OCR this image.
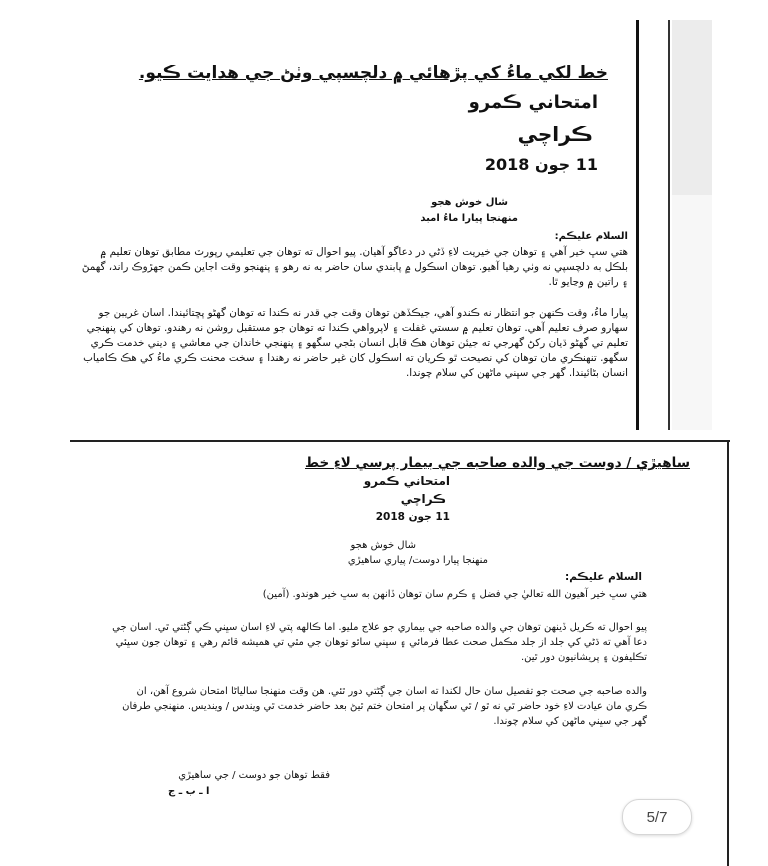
خط لکي ماءُ کي پڙهائي ۾ دلچسپي وٺڻ جي هدايت ڪيو.
امتحاني ڪمرو
ڪراچي
11 جون 2018
شال خوش هجو
منهنجا پيارا ماءُ امبد
السلام عليڪم:
هتي سڀ خير آهي ۽ توهان جي خيريت لاءِ ڏڻي در دعاگو آهيان. پيو احوال ته توهان جي تعليمي رپورٽ مطابق توهان تعليم ۾ بلڪل به دلچسپي نه وٺي رهيا آهيو. توهان اسڪول ۾ پابندي سان حاضر به نه رهو ۽ پنهنجو وقت اجاين ڪمن جهڙوڪ راند، گهمڻ ۽ راتين ۾ وڃايو ٿا.
پيارا ماءُ، وقت ڪنهن جو انتظار نه ڪندو آهي، جيڪڏهن توهان وقت جي قدر نه ڪندا ته توهان گهڻو پڇتائيندا. اسان غريبن جو سهارو صرف تعليم آهي. توهان تعليم ۾ سستي غفلت ۽ لاپرواهي ڪندا ته توهان جو مستقبل روشن نه رهندو. توهان کي پنهنجي تعليم تي گهڻو ڌيان رکڻ گهرجي ته جيئن توهان هڪ قابل انسان بڻجي سگهو ۽ پنهنجي خاندان جي معاشي ۽ ديني خدمت ڪري سگهو. تنهنڪري مان توهان کي نصيحت ٿو ڪريان ته اسڪول کان غير حاضر نه رهندا ۽ سخت محنت ڪري ماءُ کي هڪ ڪامياب انسان بڻائيندا. گهر جي سڀني ماڻهن کي سلام چوندا.
ساهيڙي / دوست جي والده صاحبه جي بيمار پرسي لاءِ خط
امتحاني ڪمرو
ڪراچي
11 جون 2018
شال خوش هجو
منهنجا پيارا دوست/ پياري ساهيڙي
السلام عليڪم:
هتي سڀ خير آهيون الله تعاليٰ جي فضل ۽ ڪرم سان توهان ڏانهن به سڀ خير هوندو. (آمين)
پيو احوال ته ڪريل ڏينهن توهان جي والده صاحبه جي بيماري جو علاج مليو. اما ڪالهه پتي لاءِ اسان سڀني ڪي ڳڻتي ٿي. اسان جي دعا آهي ته ڌڻي کي جلد از جلد مڪمل صحت عطا فرمائي ۽ سڀني سائو توهان جي مٿي تي هميشه قائم رهي ۽ توهان جون سڀئي تڪليفون ۽ پريشانيون دور ٿين.
والده صاحبه جي صحت جو تفصيل سان حال لکندا ته اسان جي ڳڻتي دور ٿئي. هن وقت منهنجا سالياڻا امتحان شروع آهن، ان ڪري مان عيادت لاءِ خود حاضر ٿي نه ٿو / ٿي سگهان پر امتحان ختم ٿيڻ بعد حاضر خدمت ٿي ويندس / وينديس. منهنجي طرفان گهر جي سڀني ماڻهن کي سلام چوندا.
فقط توهان جو دوست / جي ساهيڙي
ا ـ ب ـ ج
5/7
